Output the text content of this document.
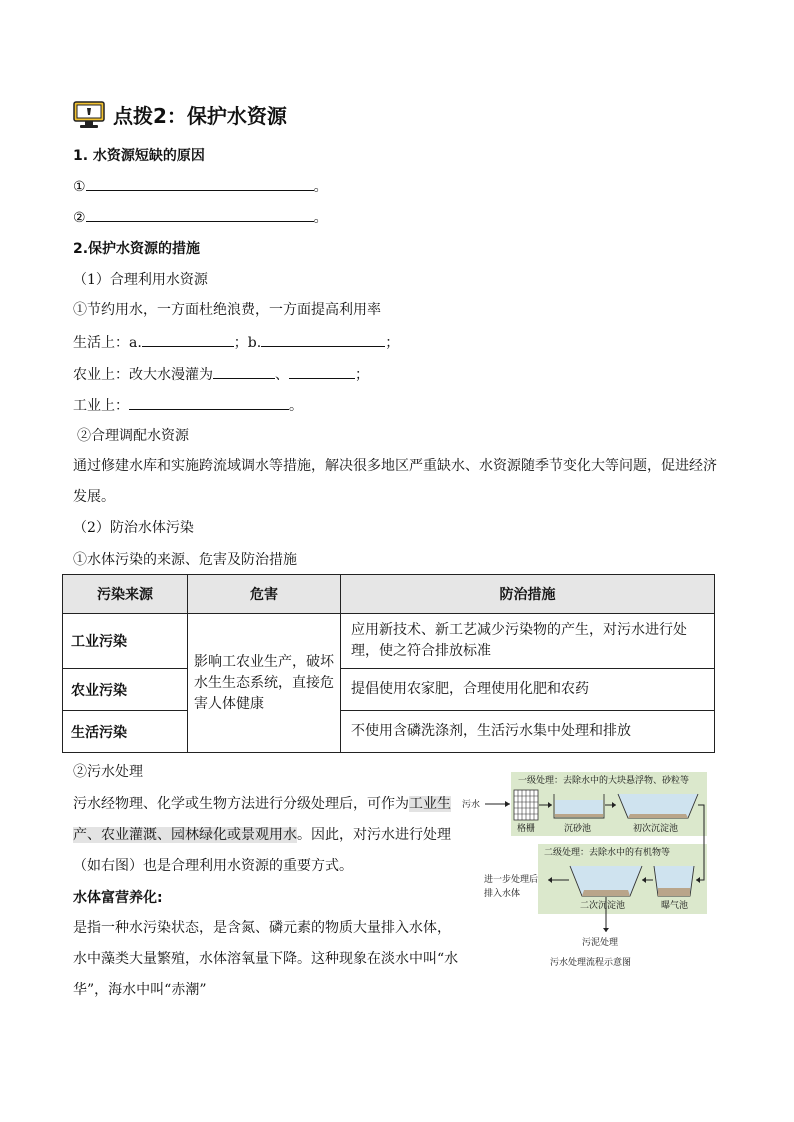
点拨2：保护水资源
1. 水资源短缺的原因
①	。
②	。
2.保护水资源的措施
（1）合理利用水资源
①节约用水，一方面杜绝浪费，一方面提高利用率
生活上：a.	；b.	；
农业上：改大水漫灌为	、	；
工业上：	。
②合理调配水资源
通过修建水库和实施跨流域调水等措施，解决很多地区严重缺水、水资源随季节变化大等问题，促进经济
发展。
（2）防治水体污染
①水体污染的来源、危害及防治措施
污染来源	危害	防治措施
工业污染	影响工农业生产，破坏水生生态系统，直接危害人体健康	应用新技术、新工艺减少污染物的产生，对污水进行处理，使之符合排放标准
农业污染		提倡使用农家肥，合理使用化肥和农药
生活污染		不使用含磷洗涤剂，生活污水集中处理和排放
②污水处理
污水经物理、化学或生物方法进行分级处理后，可作为工业生
产、农业灌溉、园林绿化或景观用水。因此，对污水进行处理
（如右图）也是合理利用水资源的重要方式。
水体富营养化:
是指一种水污染状态，是含氮、磷元素的物质大量排入水体，
水中藻类大量繁殖，水体溶氧量下降。这种现象在淡水中叫“水
华”，海水中叫“赤潮”
一级处理：去除水中的大块悬浮物、砂粒等
二级处理：去除水中的有机物等
污水
格栅	沉砂池	初次沉淀池
曝气池
二次沉淀池
进一步处理后
排入水体
污泥处理
污水处理流程示意图
